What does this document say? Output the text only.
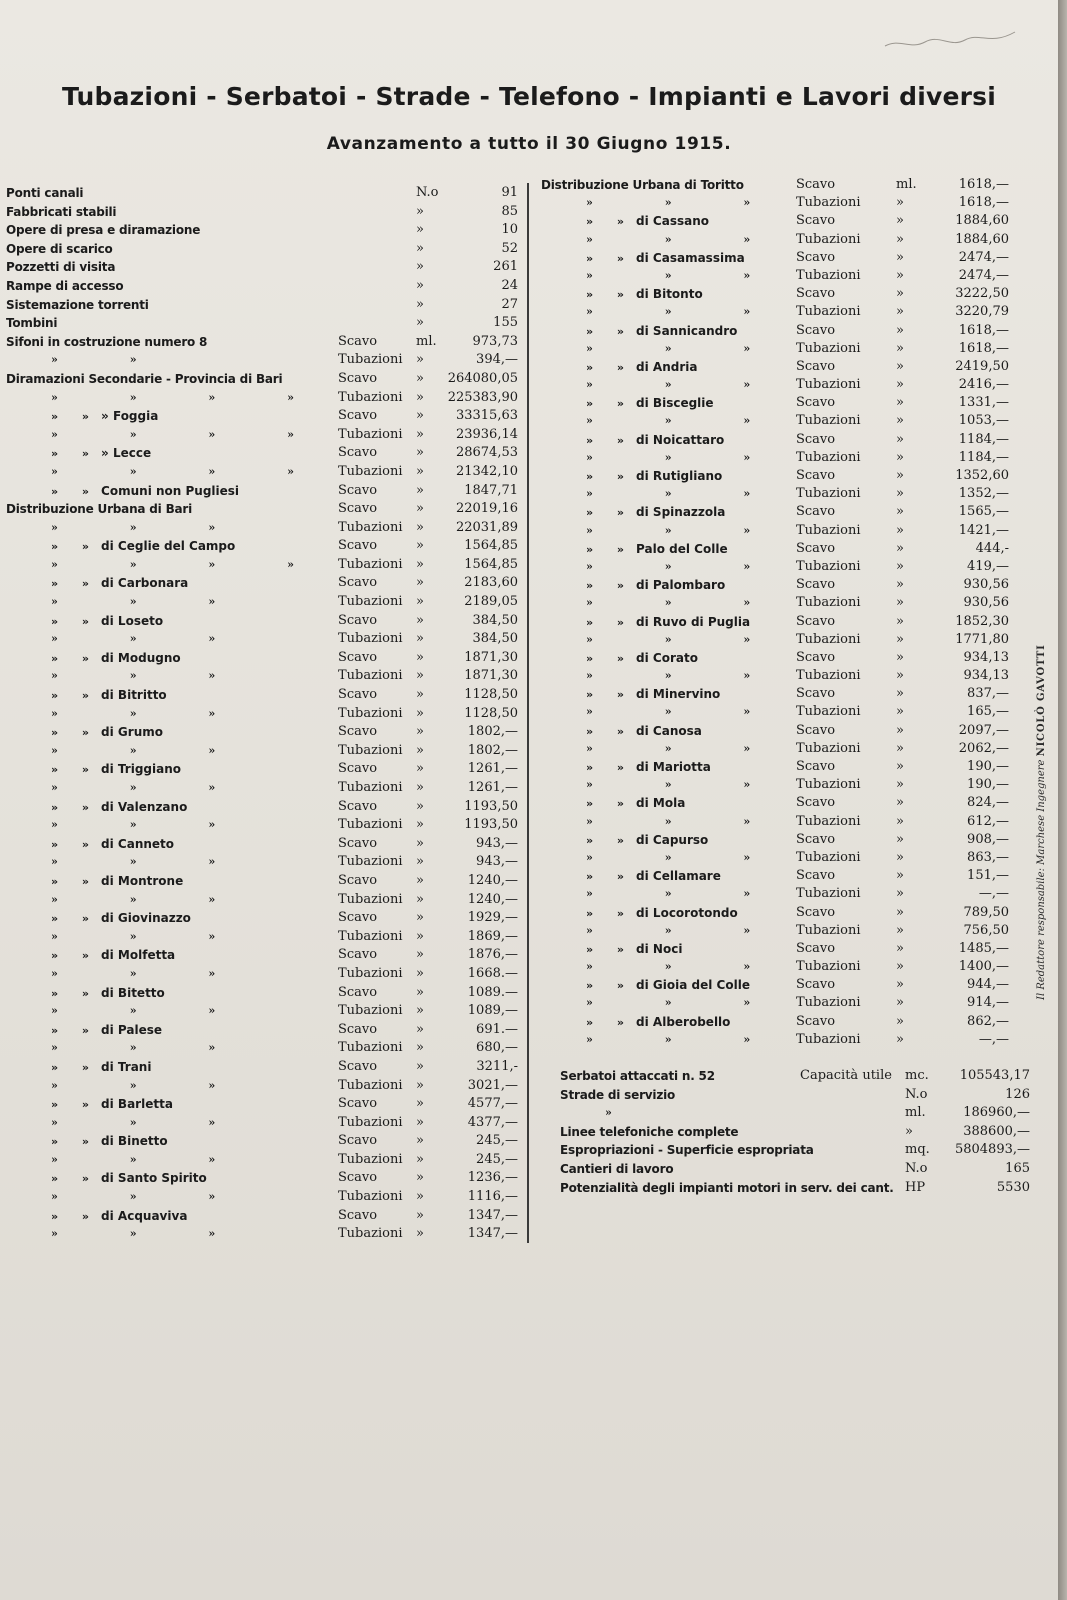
Tubazioni - Serbatoi - Strade - Telefono - Impianti e Lavori diversi
Avanzamento a tutto il 30 Giugno 1915.
Ponti canali	N.o	91
Fabbricati stabili	»	85
Opere di presa e diramazione	»	10
Opere di scarico	»	52
Pozzetti di visita	»	261
Rampe di accesso	»	24
Sistemazione torrenti	»	27
Tombini	»	155
Sifoni in costruzione numero 8	Scavo	ml.	973,73
» »	Tubazioni »	394,—
Diramazioni Secondarie - Provincia di Bari	Scavo	»	264080,05
» » » » Tubazioni »	225383,90
» » » Foggia	Scavo	»	33315,63
» » » » Tubazioni »	23936,14
» » » Lecce	Scavo	»	28674,53
» » » » Tubazioni »	21342,10
» » Comuni non Pugliesi	Scavo	»	1847,71
Distribuzione Urbana di Bari	Scavo	»	22019,16
» » »	Tubazioni »	22031,89
» » di Ceglie del Campo	Scavo	»	1564,85
» » » » Tubazioni »	1564,85
» » di Carbonara	Scavo	»	2183,60
» » »	Tubazioni »	2189,05
» » di Loseto	Scavo	»	384,50
» » »	Tubazioni »	384,50
» » di Modugno	Scavo	»	1871,30
» » »	Tubazioni »	1871,30
» » di Bitritto	Scavo	»	1128,50
» » »	Tubazioni »	1128,50
» » di Grumo	Scavo	»	1802,—
» » »	Tubazioni »	1802,—
» » di Triggiano	Scavo	»	1261,—
» » »	Tubazioni »	1261,—
» » di Valenzano	Scavo	»	1193,50
» » »	Tubazioni »	1193,50
» » di Canneto	Scavo	»	943,—
» » »	Tubazioni »	943,—
» » di Montrone	Scavo	»	1240,—
» » »	Tubazioni »	1240,—
» » di Giovinazzo	Scavo	»	1929,—
» » »	Tubazioni »	1869,—
» » di Molfetta	Scavo	»	1876,—
» » »	Tubazioni »	1668.—
» » di Bitetto	Scavo	»	1089.—
» » »	Tubazioni »	1089,—
» » di Palese	Scavo	»	691.—
» » »	Tubazioni »	680,—
» » di Trani	Scavo	»	3211,-
» » »	Tubazioni »	3021,—
» » di Barletta	Scavo	»	4577,—
» » »	Tubazioni »	4377,—
» » di Binetto	Scavo	»	245,—
» » »	Tubazioni »	245,—
» » di Santo Spirito	Scavo	»	1236,—
» » »	Tubazioni »	1116,—
» » di Acquaviva	Scavo	»	1347,—
» » »	Tubazioni »	1347,—
Distribuzione Urbana di Toritto	Scavo	ml.	1618,—
» » » Tubazioni	»	1618,—
» » di Cassano	Scavo	»	1884,60
» » » Tubazioni	»	1884,60
» » di Casamassima	Scavo	»	2474,—
» » » Tubazioni	»	2474,—
» » di Bitonto	Scavo	»	3222,50
» » » Tubazioni	»	3220,79
» » di Sannicandro	Scavo	»	1618,—
» » » Tubazioni	»	1618,—
» » di Andria	Scavo	»	2419,50
» » » Tubazioni	»	2416,—
» » di Bisceglie	Scavo	»	1331,—
» » » Tubazioni	»	1053,—
» » di Noicattaro	Scavo	»	1184,—
» » » Tubazioni	»	1184,—
» » di Rutigliano	Scavo	»	1352,60
» » » Tubazioni	»	1352,—
» » di Spinazzola	Scavo	»	1565,—
» » » Tubazioni	»	1421,—
» » Palo del Colle	Scavo	»	444,-
» » » Tubazioni	»	419,—
» » di Palombaro	Scavo	»	930,56
» » » Tubazioni	»	930,56
» » di Ruvo di Puglia	Scavo	»	1852,30
» » » Tubazioni	»	1771,80
» » di Corato	Scavo	»	934,13
» » » Tubazioni	»	934,13
» » di Minervino	Scavo	»	837,—
» » » Tubazioni	»	165,—
» » di Canosa	Scavo	»	2097,—
» » » Tubazioni	»	2062,—
» » di Mariotta	Scavo	»	190,—
» » » Tubazioni	»	190,—
» » di Mola	Scavo	»	824,—
» » » Tubazioni	»	612,—
» » di Capurso	Scavo	»	908,—
» » » Tubazioni	»	863,—
» » di Cellamare	Scavo	»	151,—
» » » Tubazioni	»	—,—
» » di Locorotondo	Scavo	»	789,50
» » » Tubazioni	»	756,50
» » di Noci	Scavo	»	1485,—
» » » Tubazioni	»	1400,—
» » di Gioia del Colle	Scavo	»	944,—
» » » Tubazioni	»	914,—
» » di Alberobello	Scavo	»	862,—
» » » Tubazioni	»	—,—
Serbatoi attaccati n. 52	Capacità utile mc.	105543,17
Strade di servizio	N.o	126
»	ml.	186960,—
Linee telefoniche complete	»	388600,—
Espropriazioni - Superficie espropriata	mq.	5804893,—
Cantieri di lavoro	N.o	165
Potenzialità degli impianti motori in serv. dei cant. HP	5530
Il Redattore responsabile: Marchese Ingegnere NICOLÒ GAVOTTI
